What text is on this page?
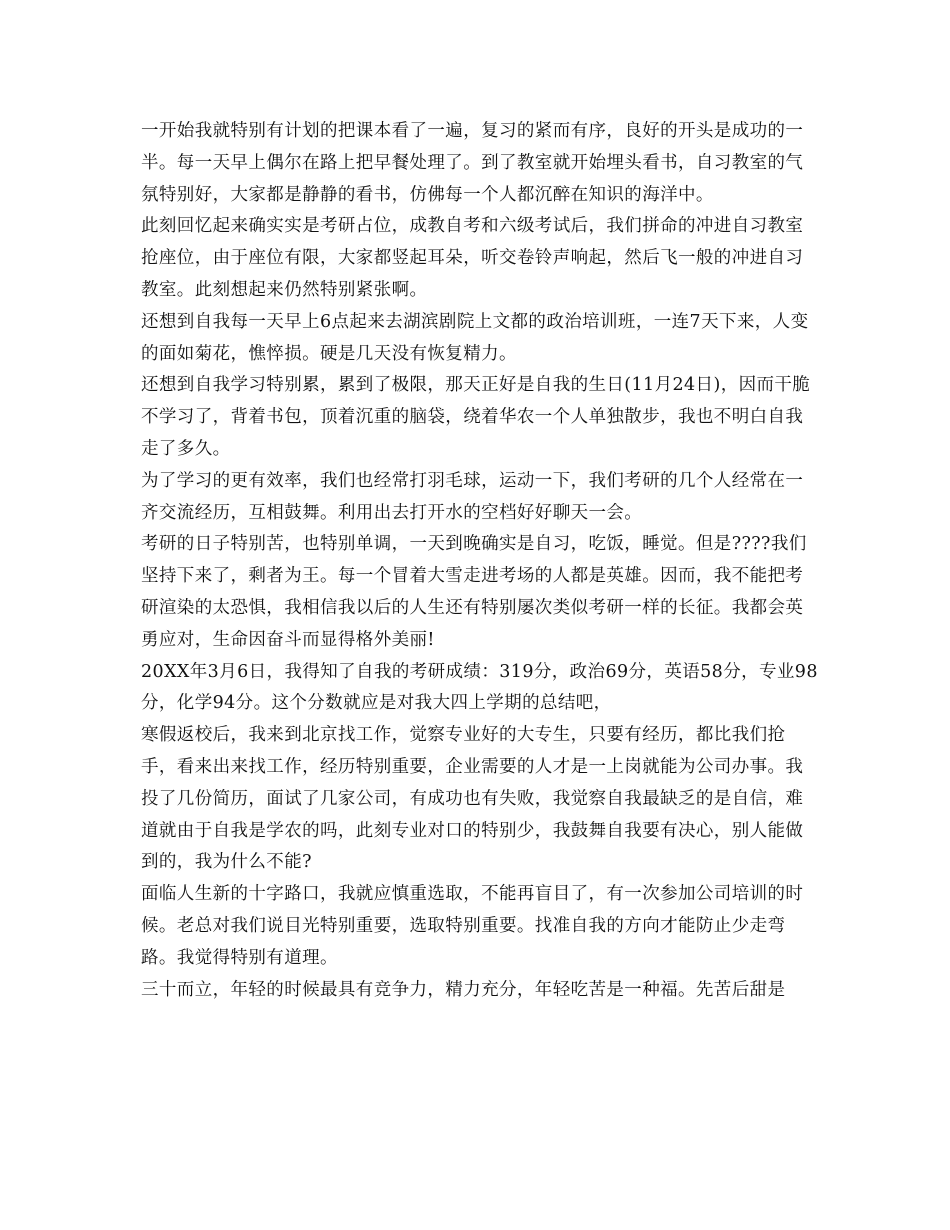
一开始我就特别有计划的把课本看了一遍，复习的紧而有序，良好的开头是成功的一半。每一天早上偶尔在路上把早餐处理了。到了教室就开始埋头看书，自习教室的气氛特别好，大家都是静静的看书，仿佛每一个人都沉醉在知识的海洋中。

此刻回忆起来确实实是考研占位，成教自考和六级考试后，我们拼命的冲进自习教室抢座位，由于座位有限，大家都竖起耳朵，听交卷铃声响起，然后飞一般的冲进自习教室。此刻想起来仍然特别紧张啊。

还想到自我每一天早上6点起来去湖滨剧院上文都的政治培训班，一连7天下来，人变的面如菊花，憔悴损。硬是几天没有恢复精力。

还想到自我学习特别累，累到了极限，那天正好是自我的生日(11月24日)，因而干脆不学习了，背着书包，顶着沉重的脑袋，绕着华农一个人单独散步，我也不明白自我走了多久。

为了学习的更有效率，我们也经常打羽毛球，运动一下，我们考研的几个人经常在一齐交流经历，互相鼓舞。利用出去打开水的空档好好聊天一会。

考研的日子特别苦，也特别单调，一天到晚确实是自习，吃饭，睡觉。但是????我们坚持下来了，剩者为王。每一个冒着大雪走进考场的人都是英雄。因而，我不能把考研渲染的太恐惧，我相信我以后的人生还有特别屡次类似考研一样的长征。我都会英勇应对，生命因奋斗而显得格外美丽!

20XX年3月6日，我得知了自我的考研成绩：319分，政治69分，英语58分，专业98分，化学94分。这个分数就应是对我大四上学期的总结吧，

寒假返校后，我来到北京找工作，觉察专业好的大专生，只要有经历，都比我们抢手，看来出来找工作，经历特别重要，企业需要的人才是一上岗就能为公司办事。我投了几份简历，面试了几家公司，有成功也有失败，我觉察自我最缺乏的是自信，难道就由于自我是学农的吗，此刻专业对口的特别少，我鼓舞自我要有决心，别人能做到的，我为什么不能?

面临人生新的十字路口，我就应慎重选取，不能再盲目了，有一次参加公司培训的时候。老总对我们说目光特别重要，选取特别重要。找准自我的方向才能防止少走弯路。我觉得特别有道理。

三十而立，年轻的时候最具有竞争力，精力充分，年轻吃苦是一种福。先苦后甜是
